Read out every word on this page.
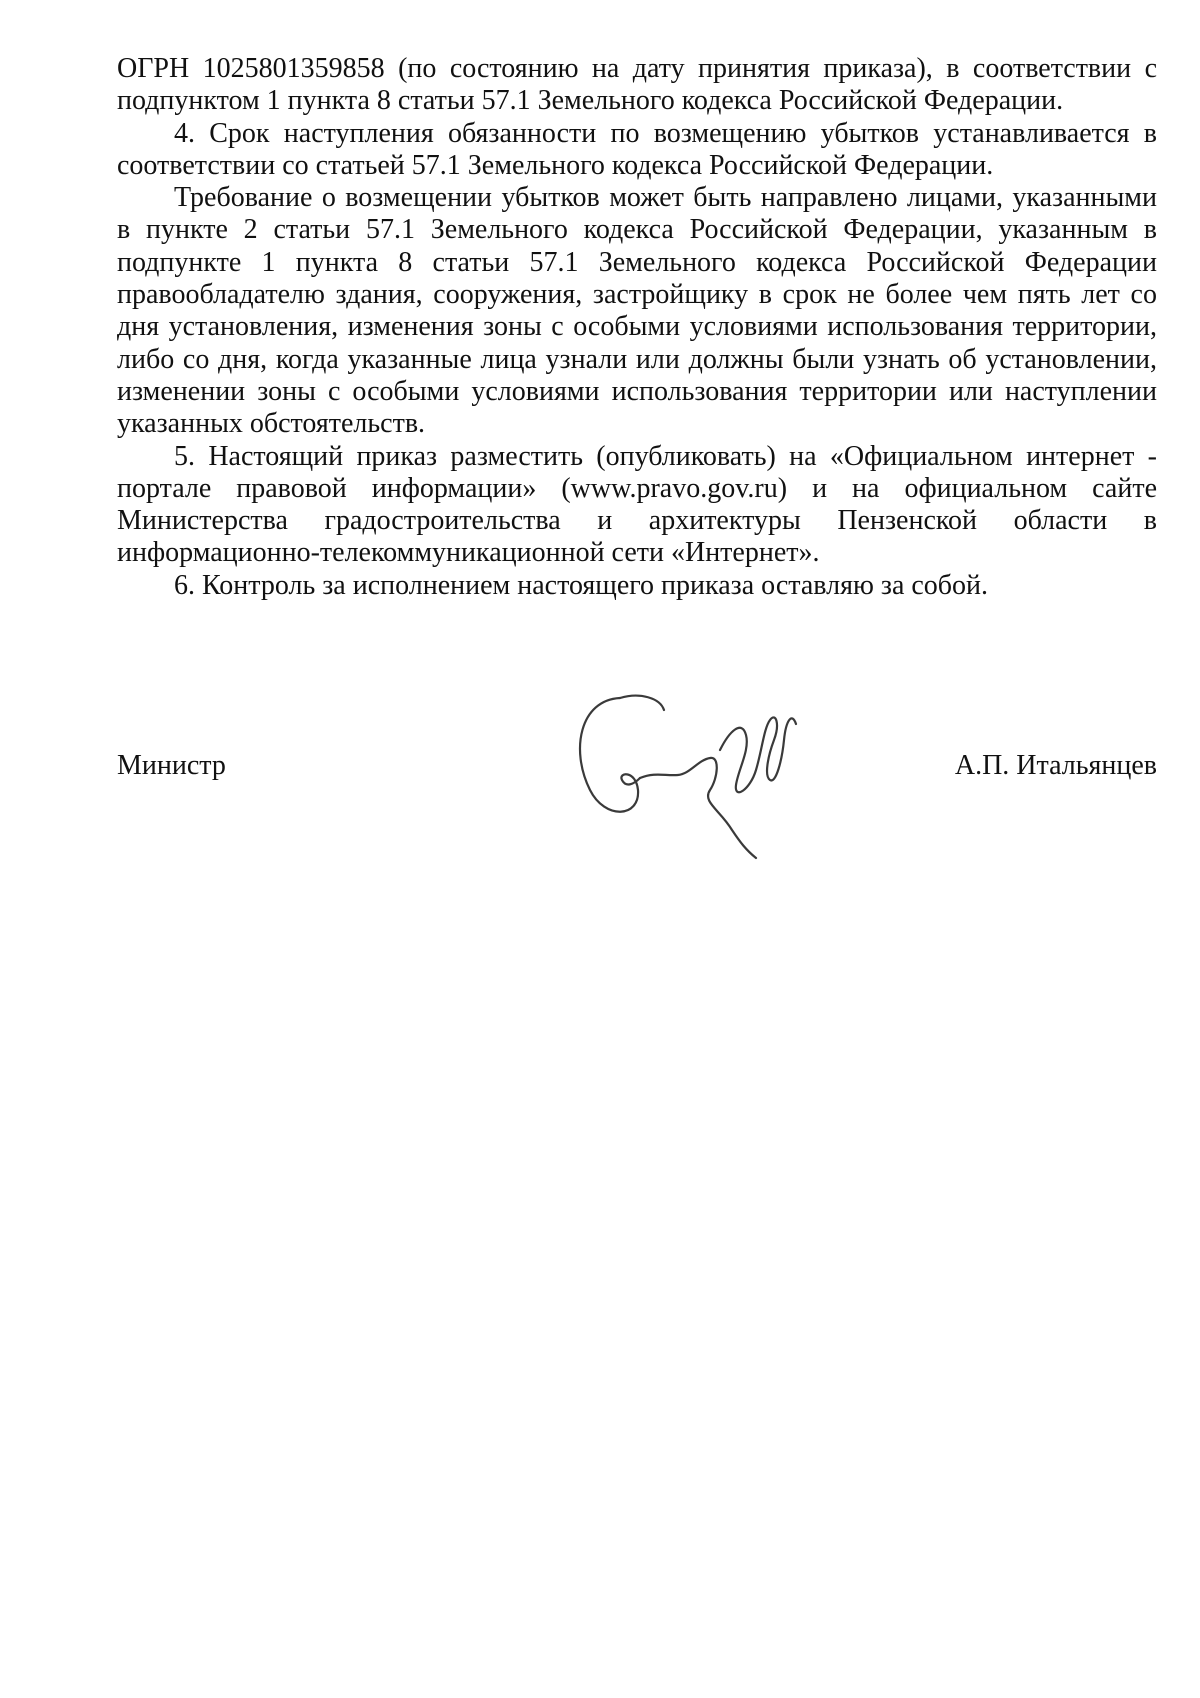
ОГРН 1025801359858 (по состоянию на дату принятия приказа), в соответствии с подпунктом 1 пункта 8 статьи 57.1 Земельного кодекса Российской Федерации.

4. Срок наступления обязанности по возмещению убытков устанавливается в соответствии со статьей 57.1 Земельного кодекса Российской Федерации.

Требование о возмещении убытков может быть направлено лицами, указанными в пункте 2 статьи 57.1 Земельного кодекса Российской Федерации, указанным в подпункте 1 пункта 8 статьи 57.1 Земельного кодекса Российской Федерации правообладателю здания, сооружения, застройщику в срок не более чем пять лет со дня установления, изменения зоны с особыми условиями использования территории, либо со дня, когда указанные лица узнали или должны были узнать об установлении, изменении зоны с особыми условиями использования территории или наступлении указанных обстоятельств.

5. Настоящий приказ разместить (опубликовать) на «Официальном интернет - портале правовой информации» (www.pravo.gov.ru) и на официальном сайте Министерства градостроительства и архитектуры Пензенской области в информационно-телекоммуникационной сети «Интернет».

6. Контроль за исполнением настоящего приказа оставляю за собой.

Министр	А.П. Итальянцев
